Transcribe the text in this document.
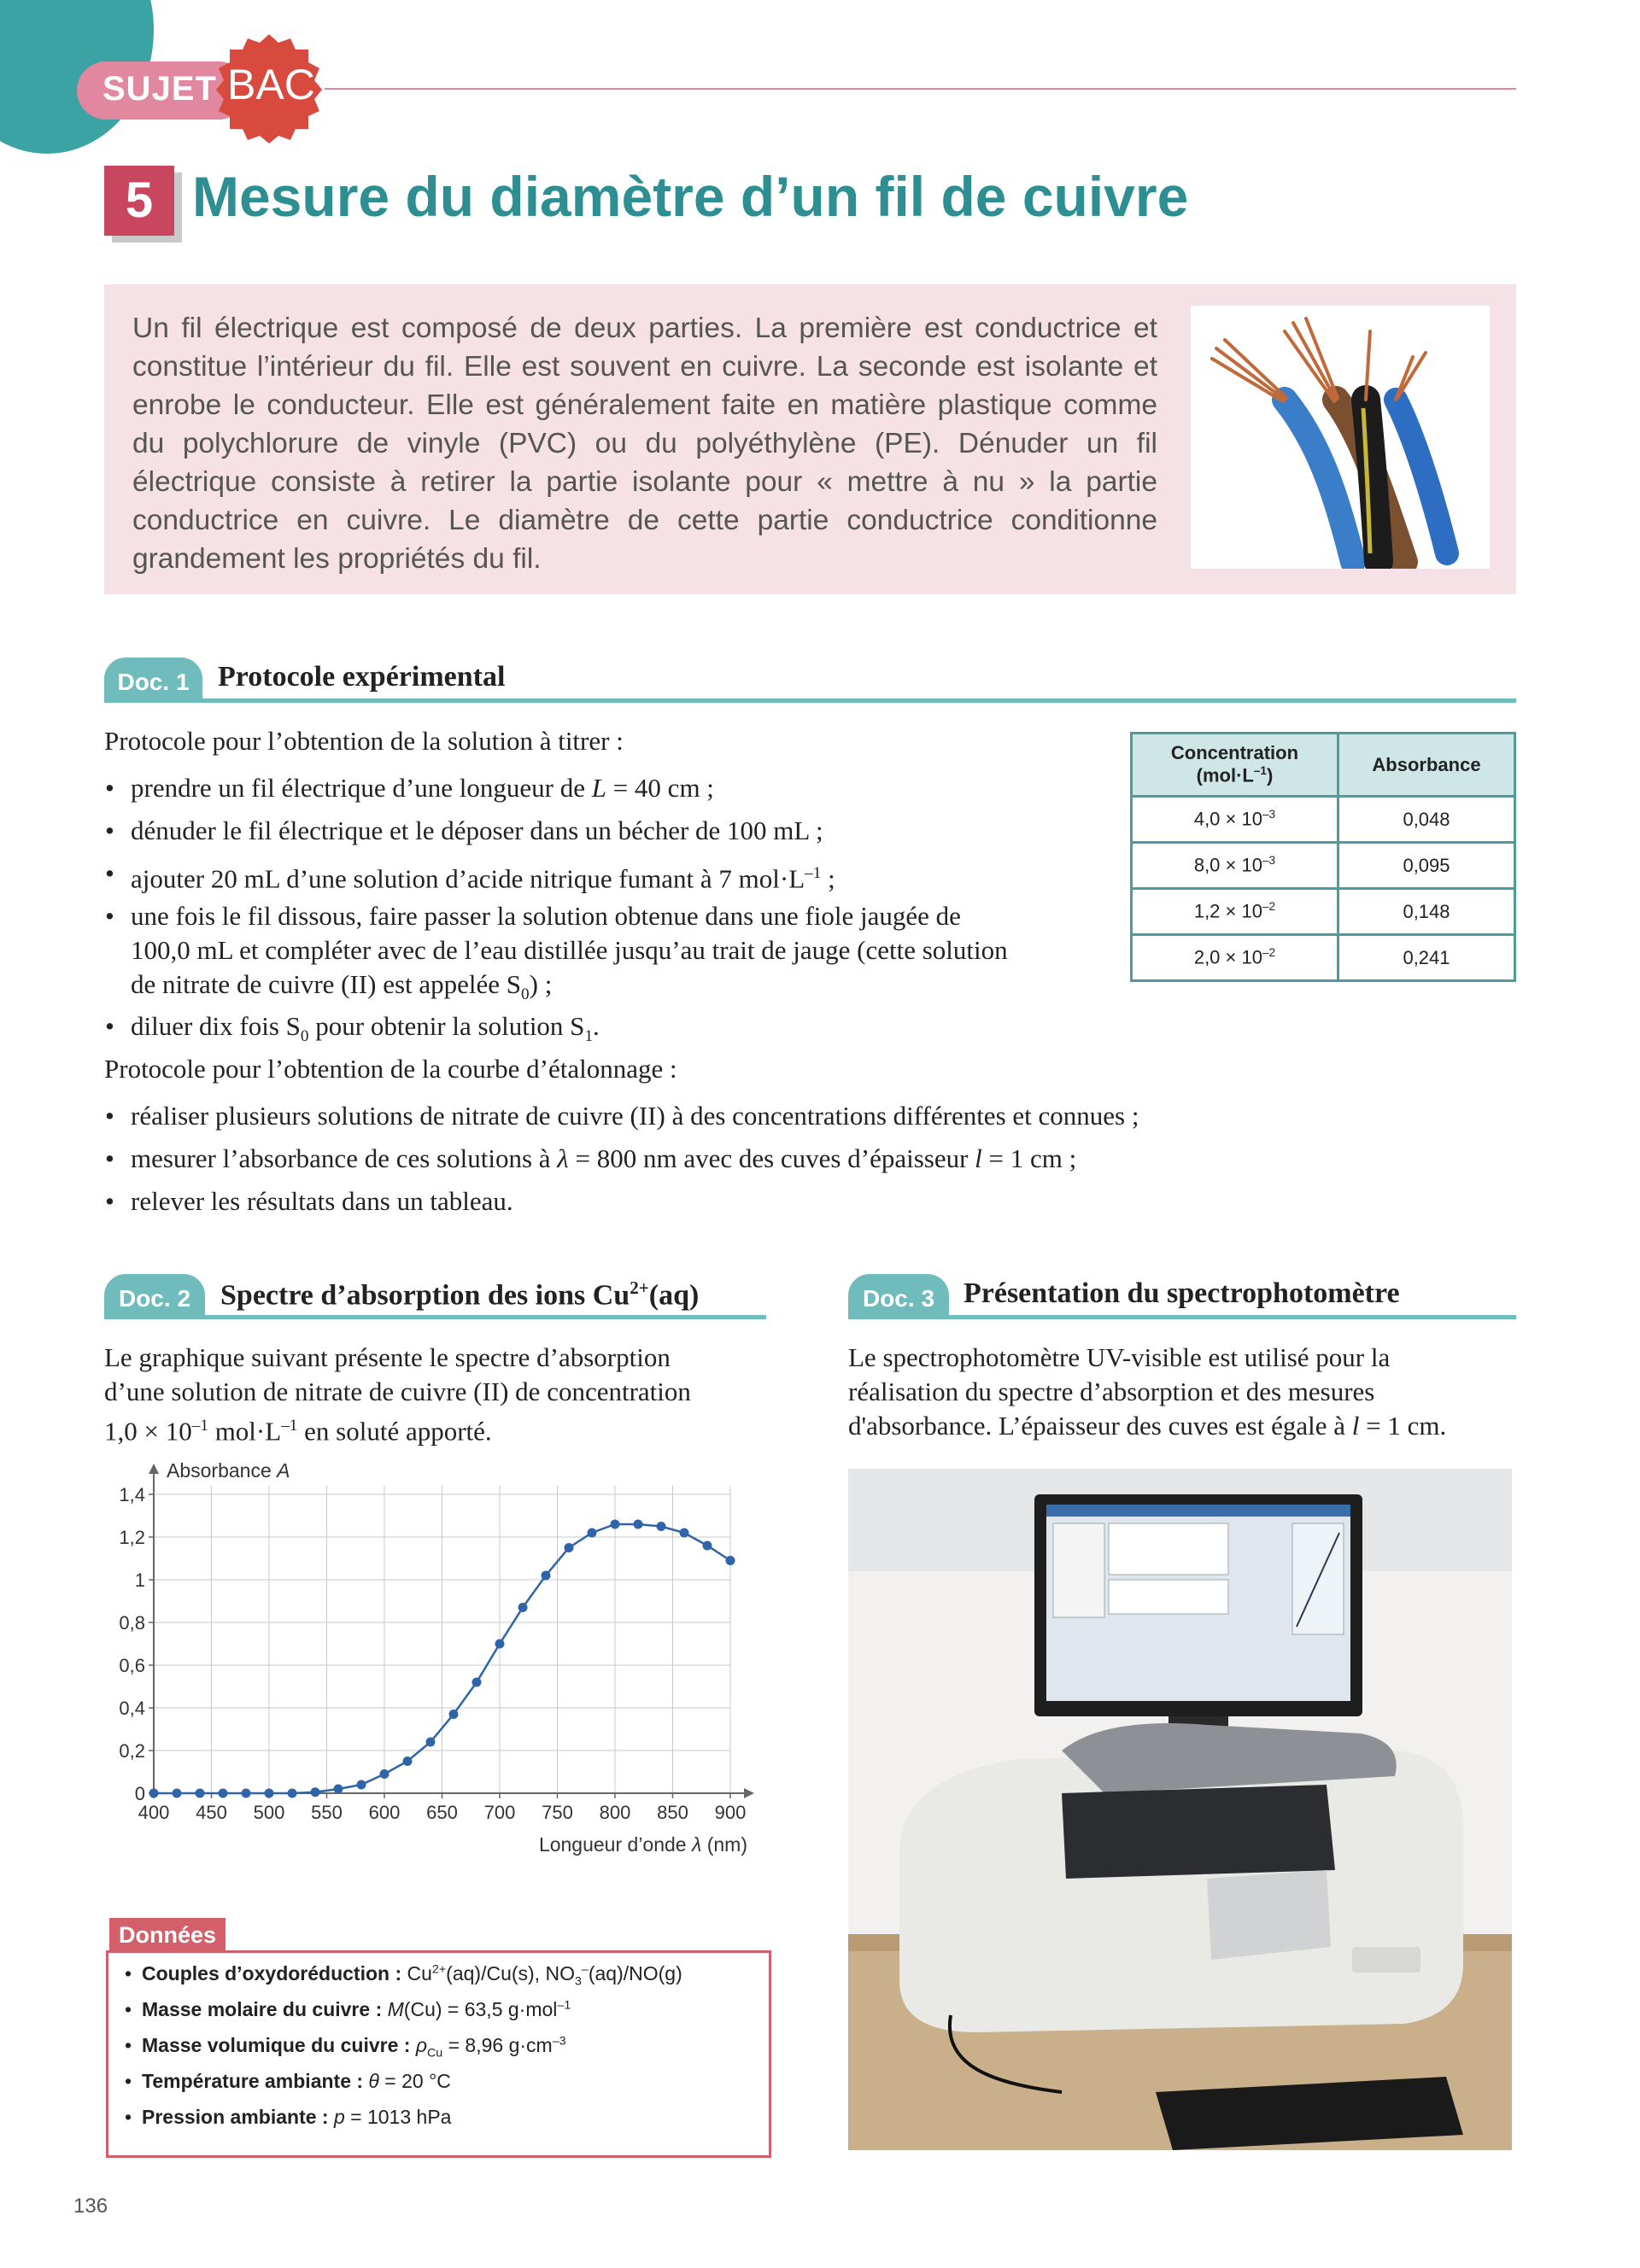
SUJET BAC
5 Mesure du diamètre d’un fil de cuivre
Un fil électrique est composé de deux parties. La première est conductrice et constitue l’intérieur du fil. Elle est souvent en cuivre. La seconde est isolante et enrobe le conducteur. Elle est généralement faite en matière plastique comme du polychlorure de vinyle (PVC) ou du polyéthylène (PE). Dénuder un fil électrique consiste à retirer la partie isolante pour « mettre à nu » la partie conductrice en cuivre. Le diamètre de cette partie conductrice conditionne grandement les propriétés du fil.
Doc. 1 Protocole expérimental
Protocole pour l’obtention de la solution à titrer :
• prendre un fil électrique d’une longueur de L = 40 cm ;
• dénuder le fil électrique et le déposer dans un bécher de 100 mL ;
• ajouter 20 mL d’une solution d’acide nitrique fumant à 7 $mol\cdot L^{-1}$ ;
• une fois le fil dissous, faire passer la solution obtenue dans une fiole jaugée de
100,0 mL et compléter avec de l’eau distillée jusqu’au trait de jauge (cette solution
de nitrate de cuivre (II) est appelée $S_0$) ;
• diluer dix fois $S_0$ pour obtenir la solution $S_1$.
Protocole pour l’obtention de la courbe d’étalonnage :
• réaliser plusieurs solutions de nitrate de cuivre (II) à des concentrations différentes et connues ;
• mesurer l’absorbance de ces solutions à λ = 800 nm avec des cuves d’épaisseur l = 1 cm ;
• relever les résultats dans un tableau.
Concentration
$(mol\cdot L^{-1})$	Absorbance
$4,0 \times 10^{-3}$	0,048
$8,0 \times 10^{-3}$	0,095
$1,2 \times 10^{-2}$	0,148
$2,0 \times 10^{-2}$	0,241
Doc. 2	Spectre d’absorption des ions $Cu^{2+}(aq)$
Le graphique suivant présente le spectre d’absorption
d’une solution de nitrate de cuivre (II) de concentration
$1,0 \times 10^{-1}$ $mol\cdot L^{-1}$ en soluté apporté.
400 450 500 550 600 650 700 750 800 850 900
0
0,2
0,4
0,6
0,8
1
1,2
1,4
Absorbance A
Longueur d’onde λ (nm)
Données
• Couples d’oxydoréduction : $Cu^{2+}(aq)/Cu(s)$, $NO_3^-(aq)/NO(g)$
• Masse molaire du cuivre : M(Cu) = 63,5 g·mol$^{-1}$
• Masse volumique du cuivre : $\rho_{Cu} = 8,96$ $g\cdot cm^{-3}$
• Température ambiante : θ = 20 °C
• Pression ambiante : p = 1013 hPa
Doc. 3 Présentation du spectrophotomètre
Le spectrophotomètre UV-visible est utilisé pour la
réalisation du spectre d’absorption et des mesures
d'absorbance. L’épaisseur des cuves est égale à l = 1 cm.
136
